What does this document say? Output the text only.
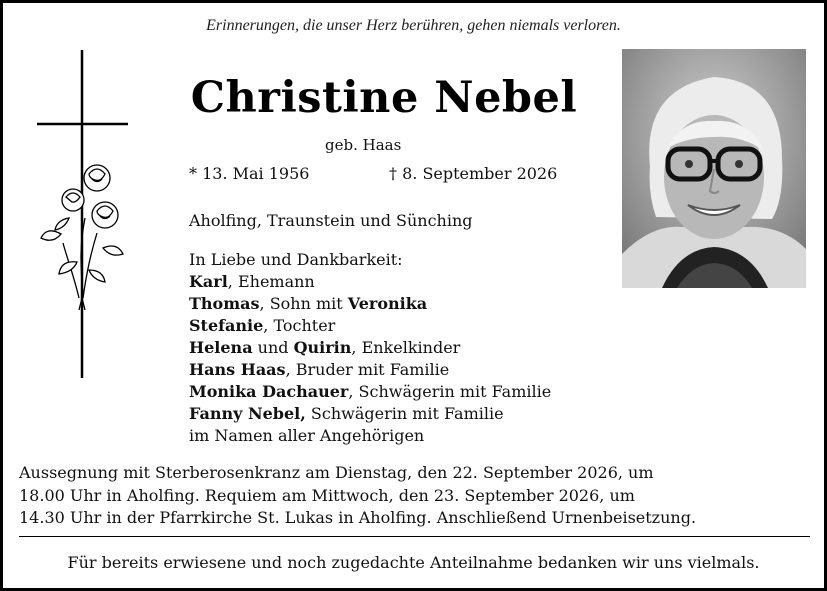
Erinnerungen, die unser Herz berühren, gehen niemals verloren.
Christine Nebel
geb. Haas
* 13. Mai 1956	† 8. September 2026
Aholfing, Traunstein und Sünching
In Liebe und Dankbarkeit:
Karl, Ehemann
Thomas, Sohn mit Veronika
Stefanie, Tochter
Helena und Quirin, Enkelkinder
Hans Haas, Bruder mit Familie
Monika Dachauer, Schwägerin mit Familie
Fanny Nebel, Schwägerin mit Familie
im Namen aller Angehörigen
Aussegnung mit Sterberosenkranz am Dienstag, den 22. September 2026, um
18.00 Uhr in Aholfing. Requiem am Mittwoch, den 23. September 2026, um
14.30 Uhr in der Pfarrkirche St. Lukas in Aholfing. Anschließend Urnenbeisetzung.
Für bereits erwiesene und noch zugedachte Anteilnahme bedanken wir uns vielmals.
